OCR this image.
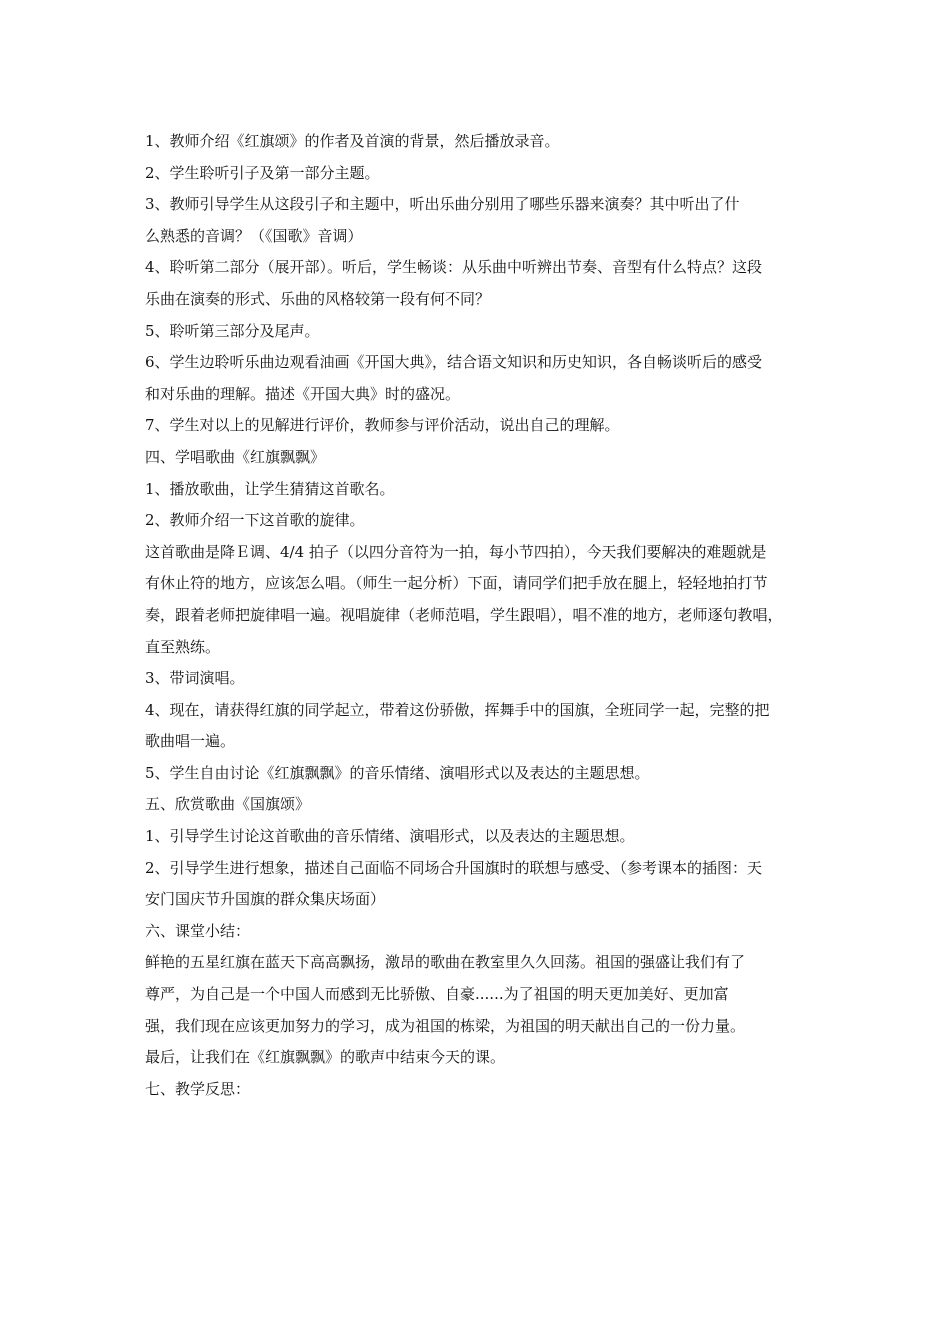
1、教师介绍《红旗颂》的作者及首演的背景，然后播放录音。
2、学生聆听引子及第一部分主题。
3、教师引导学生从这段引子和主题中，听出乐曲分别用了哪些乐器来演奏？其中听出了什
么熟悉的音调？（《国歌》音调）
4、聆听第二部分（展开部）。听后，学生畅谈：从乐曲中听辨出节奏、音型有什么特点？这段
乐曲在演奏的形式、乐曲的风格较第一段有何不同？
5、聆听第三部分及尾声。
6、学生边聆听乐曲边观看油画《开国大典》，结合语文知识和历史知识，各自畅谈听后的感受
和对乐曲的理解。描述《开国大典》时的盛况。
7、学生对以上的见解进行评价，教师参与评价活动，说出自己的理解。
四、学唱歌曲《红旗飘飘》
1、播放歌曲，让学生猜猜这首歌名。
2、教师介绍一下这首歌的旋律。
这首歌曲是降Ｅ调、4/4 拍子（以四分音符为一拍，每小节四拍），今天我们要解决的难题就是
有休止符的地方，应该怎么唱。（师生一起分析）下面，请同学们把手放在腿上，轻轻地拍打节
奏，跟着老师把旋律唱一遍。视唱旋律（老师范唱，学生跟唱），唱不准的地方，老师逐句教唱，
直至熟练。
3、带词演唱。
4、现在，请获得红旗的同学起立，带着这份骄傲，挥舞手中的国旗，全班同学一起，完整的把
歌曲唱一遍。
5、学生自由讨论《红旗飘飘》的音乐情绪、演唱形式以及表达的主题思想。
五、欣赏歌曲《国旗颂》
1、引导学生讨论这首歌曲的音乐情绪、演唱形式，以及表达的主题思想。
2、引导学生进行想象，描述自己面临不同场合升国旗时的联想与感受、（参考课本的插图：天
安门国庆节升国旗的群众集庆场面）
六、课堂小结：
鲜艳的五星红旗在蓝天下高高飘扬，激昂的歌曲在教室里久久回荡。祖国的强盛让我们有了
尊严，为自己是一个中国人而感到无比骄傲、自豪......为了祖国的明天更加美好、更加富
强，我们现在应该更加努力的学习，成为祖国的栋梁，为祖国的明天献出自己的一份力量。
最后，让我们在《红旗飘飘》的歌声中结束今天的课。
七、教学反思：
